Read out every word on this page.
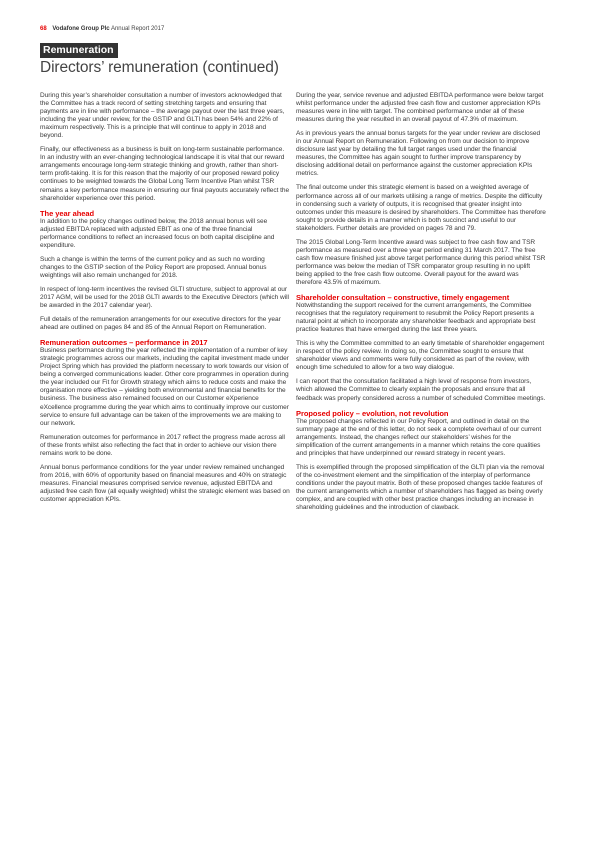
68 Vodafone Group Plc Annual Report 2017
Remuneration
Directors’ remuneration (continued)

During this year’s shareholder consultation a number of investors acknowledged that the Committee has a track record of setting stretching targets and ensuring that payments are in line with performance – the average payout over the last three years, including the year under review, for the GSTIP and GLTI has been 54% and 22% of maximum respectively. This is a principle that will continue to apply in 2018 and beyond.

Finally, our effectiveness as a business is built on long-term sustainable performance. In an industry with an ever-changing technological landscape it is vital that our reward arrangements encourage long-term strategic thinking and growth, rather than short-term profit-taking. It is for this reason that the majority of our proposed reward policy continues to be weighted towards the Global Long Term Incentive Plan whilst TSR remains a key performance measure in ensuring our final payouts accurately reflect the shareholder experience over this period.

The year ahead

In addition to the policy changes outlined below, the 2018 annual bonus will see adjusted EBITDA replaced with adjusted EBIT as one of the three financial performance conditions to reflect an increased focus on both capital discipline and expenditure.

Such a change is within the terms of the current policy and as such no wording changes to the GSTIP section of the Policy Report are proposed. Annual bonus weightings will also remain unchanged for 2018.

In respect of long-term incentives the revised GLTI structure, subject to approval at our 2017 AGM, will be used for the 2018 GLTI awards to the Executive Directors (which will be awarded in the 2017 calendar year).

Full details of the remuneration arrangements for our executive directors for the year ahead are outlined on pages 84 and 85 of the Annual Report on Remuneration.

Remuneration outcomes – performance in 2017

Business performance during the year reflected the implementation of a number of key strategic programmes across our markets, including the capital investment made under Project Spring which has provided the platform necessary to work towards our vision of being a converged communications leader. Other core programmes in operation during the year included our Fit for Growth strategy which aims to reduce costs and make the organisation more effective – yielding both environmental and financial benefits for the business. The business also remained focused on our Customer eXperience eXcellence programme during the year which aims to continually improve our customer service to ensure full advantage can be taken of the improvements we are making to our network.

Remuneration outcomes for performance in 2017 reflect the progress made across all of these fronts whilst also reflecting the fact that in order to achieve our vision there remains work to be done.

Annual bonus performance conditions for the year under review remained unchanged from 2016, with 60% of opportunity based on financial measures and 40% on strategic measures. Financial measures comprised service revenue, adjusted EBITDA and adjusted free cash flow (all equally weighted) whilst the strategic element was based on customer appreciation KPIs.

During the year, service revenue and adjusted EBITDA performance were below target whilst performance under the adjusted free cash flow and customer appreciation KPIs measures were in line with target. The combined performance under all of these measures during the year resulted in an overall payout of 47.3% of maximum.

As in previous years the annual bonus targets for the year under review are disclosed in our Annual Report on Remuneration. Following on from our decision to improve disclosure last year by detailing the full target ranges used under the financial measures, the Committee has again sought to further improve transparency by disclosing additional detail on performance against the customer appreciation KPIs metrics.

The final outcome under this strategic element is based on a weighted average of performance across all of our markets utilising a range of metrics. Despite the difficulty in condensing such a variety of outputs, it is recognised that greater insight into outcomes under this measure is desired by shareholders. The Committee has therefore sought to provide details in a manner which is both succinct and useful to our stakeholders. Further details are provided on pages 78 and 79.

The 2015 Global Long-Term Incentive award was subject to free cash flow and TSR performance as measured over a three year period ending 31 March 2017. The free cash flow measure finished just above target performance during this period whilst TSR performance was below the median of TSR comparator group resulting in no uplift being applied to the free cash flow outcome. Overall payout for the award was therefore 43.5% of maximum.

Shareholder consultation – constructive, timely engagement

Notwithstanding the support received for the current arrangements, the Committee recognises that the regulatory requirement to resubmit the Policy Report presents a natural point at which to incorporate any shareholder feedback and appropriate best practice features that have emerged during the last three years.

This is why the Committee committed to an early timetable of shareholder engagement in respect of the policy review. In doing so, the Committee sought to ensure that shareholder views and comments were fully considered as part of the review, with enough time scheduled to allow for a two way dialogue.

I can report that the consultation facilitated a high level of response from investors, which allowed the Committee to clearly explain the proposals and ensure that all feedback was properly considered across a number of scheduled Committee meetings.

Proposed policy – evolution, not revolution

The proposed changes reflected in our Policy Report, and outlined in detail on the summary page at the end of this letter, do not seek a complete overhaul of our current arrangements. Instead, the changes reflect our stakeholders’ wishes for the simplification of the current arrangements in a manner which retains the core qualities and principles that have underpinned our reward strategy in recent years.

This is exemplified through the proposed simplification of the GLTI plan via the removal of the co-investment element and the simplification of the interplay of performance conditions under the payout matrix. Both of these proposed changes tackle features of the current arrangements which a number of shareholders has flagged as being overly complex, and are coupled with other best practice changes including an increase in shareholding guidelines and the introduction of clawback.
